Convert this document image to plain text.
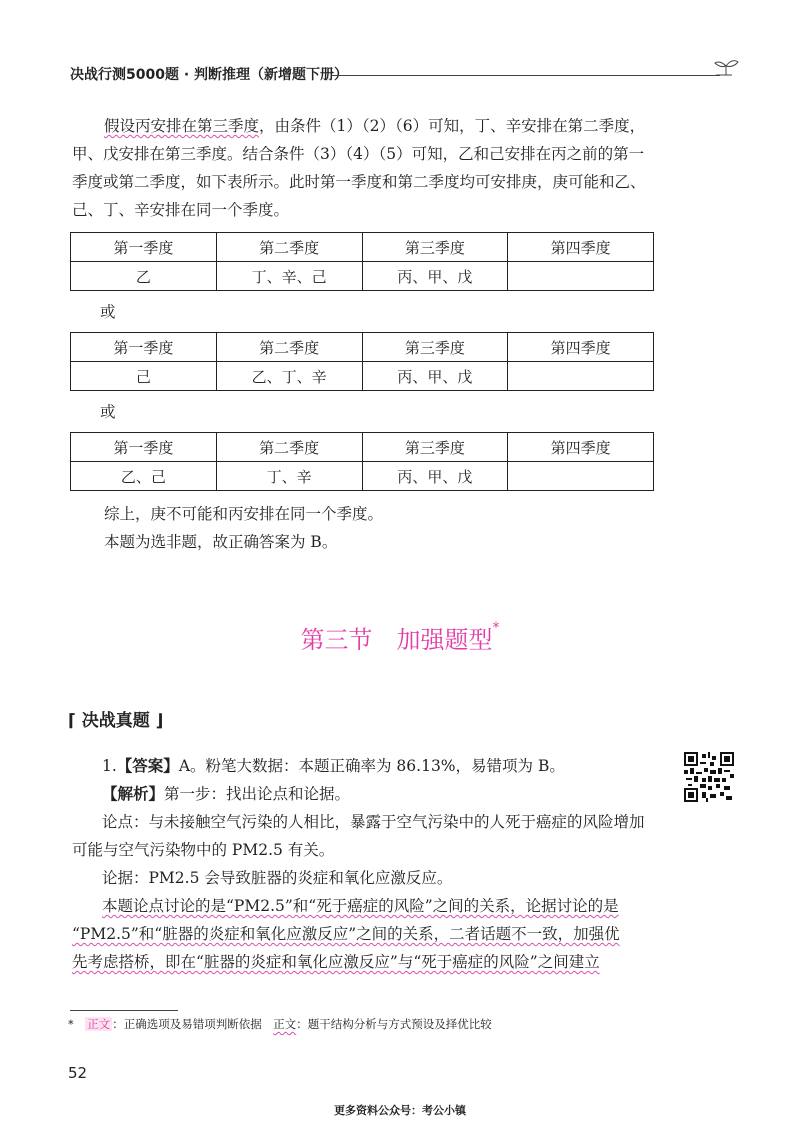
决战行测5000题 · 判断推理（新增题下册）
假设丙安排在第三季度，由条件（1）（2）（6）可知，丁、辛安排在第二季度，
甲、戊安排在第三季度。结合条件（3）（4）（5）可知，乙和己安排在丙之前的第一
季度或第二季度，如下表所示。此时第一季度和第二季度均可安排庚，庚可能和乙、
己、丁、辛安排在同一个季度。
第一季度	第二季度	第三季度	第四季度
乙	丁、辛、己	丙、甲、戊	
或
第一季度	第二季度	第三季度	第四季度
己	乙、丁、辛	丙、甲、戊	
或
第一季度	第二季度	第三季度	第四季度
乙、己	丁、辛	丙、甲、戊	
综上，庚不可能和丙安排在同一个季度。
本题为选非题，故正确答案为 B。
第三节　加强题型*
⌈ 决战真题 ⌋
1.【答案】A。粉笔大数据：本题正确率为 86.13%，易错项为 B。
【解析】第一步：找出论点和论据。
论点：与未接触空气污染的人相比，暴露于空气污染中的人死于癌症的风险增加
可能与空气污染物中的 PM2.5 有关。
论据：PM2.5 会导致脏器的炎症和氧化应激反应。
本题论点讨论的是“PM2.5”和“死于癌症的风险”之间的关系，论据讨论的是
“PM2.5”和“脏器的炎症和氧化应激反应”之间的关系，二者话题不一致，加强优
先考虑搭桥，即在“脏器的炎症和氧化应激反应”与“死于癌症的风险”之间建立
*　 正文 ：正确选项及易错项判断依据　 正文：题干结构分析与方式预设及择优比较
52
更多资料公众号：考公小镇
